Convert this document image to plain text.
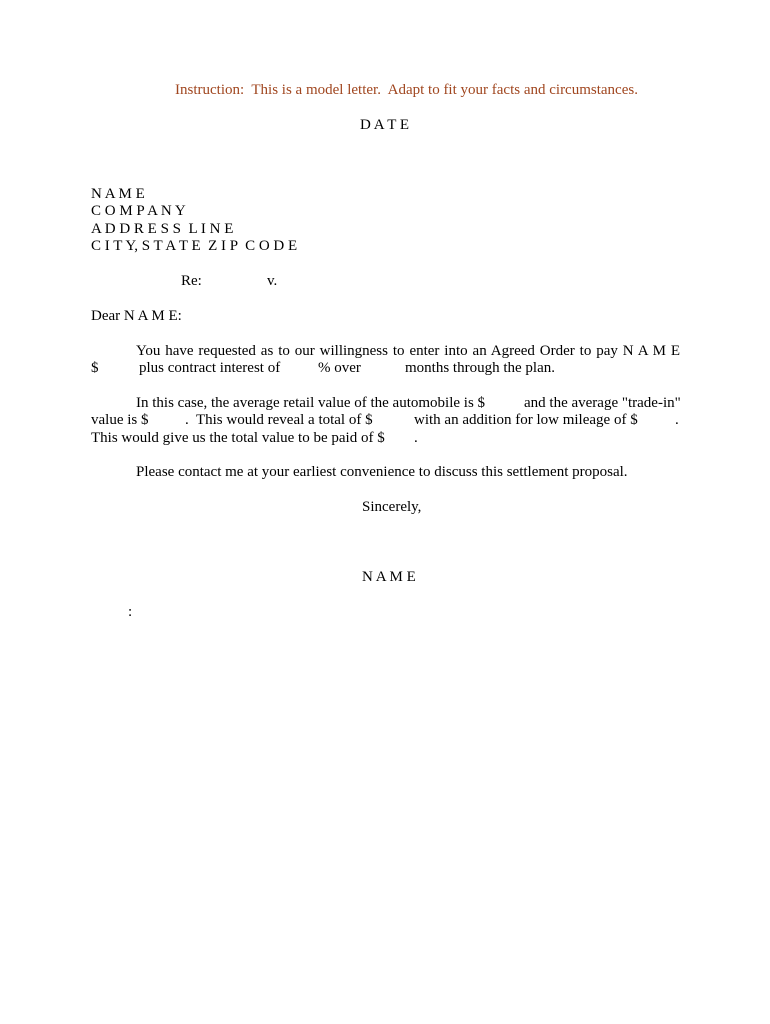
Instruction:  This is a model letter.  Adapt to fit your facts and circumstances.
D A T E
N A M E
C O M P A N Y
A D D R E S S  L I N E
C I T Y, S T A T E  Z I P  C O D E
Re:	v.
Dear N A M E:
You have requested as to our willingness to enter into an Agreed Order to pay N A M E
$	plus contract interest of	% over	months through the plan.
In this case, the average retail value of the automobile is $	and the average "trade-in"
value is $ .  This would reveal a total of $	with an addition for low mileage of $ .
This would give us the total value to be paid of $ .
Please contact me at your earliest convenience to discuss this settlement proposal.
Sincerely,
N A M E
:
